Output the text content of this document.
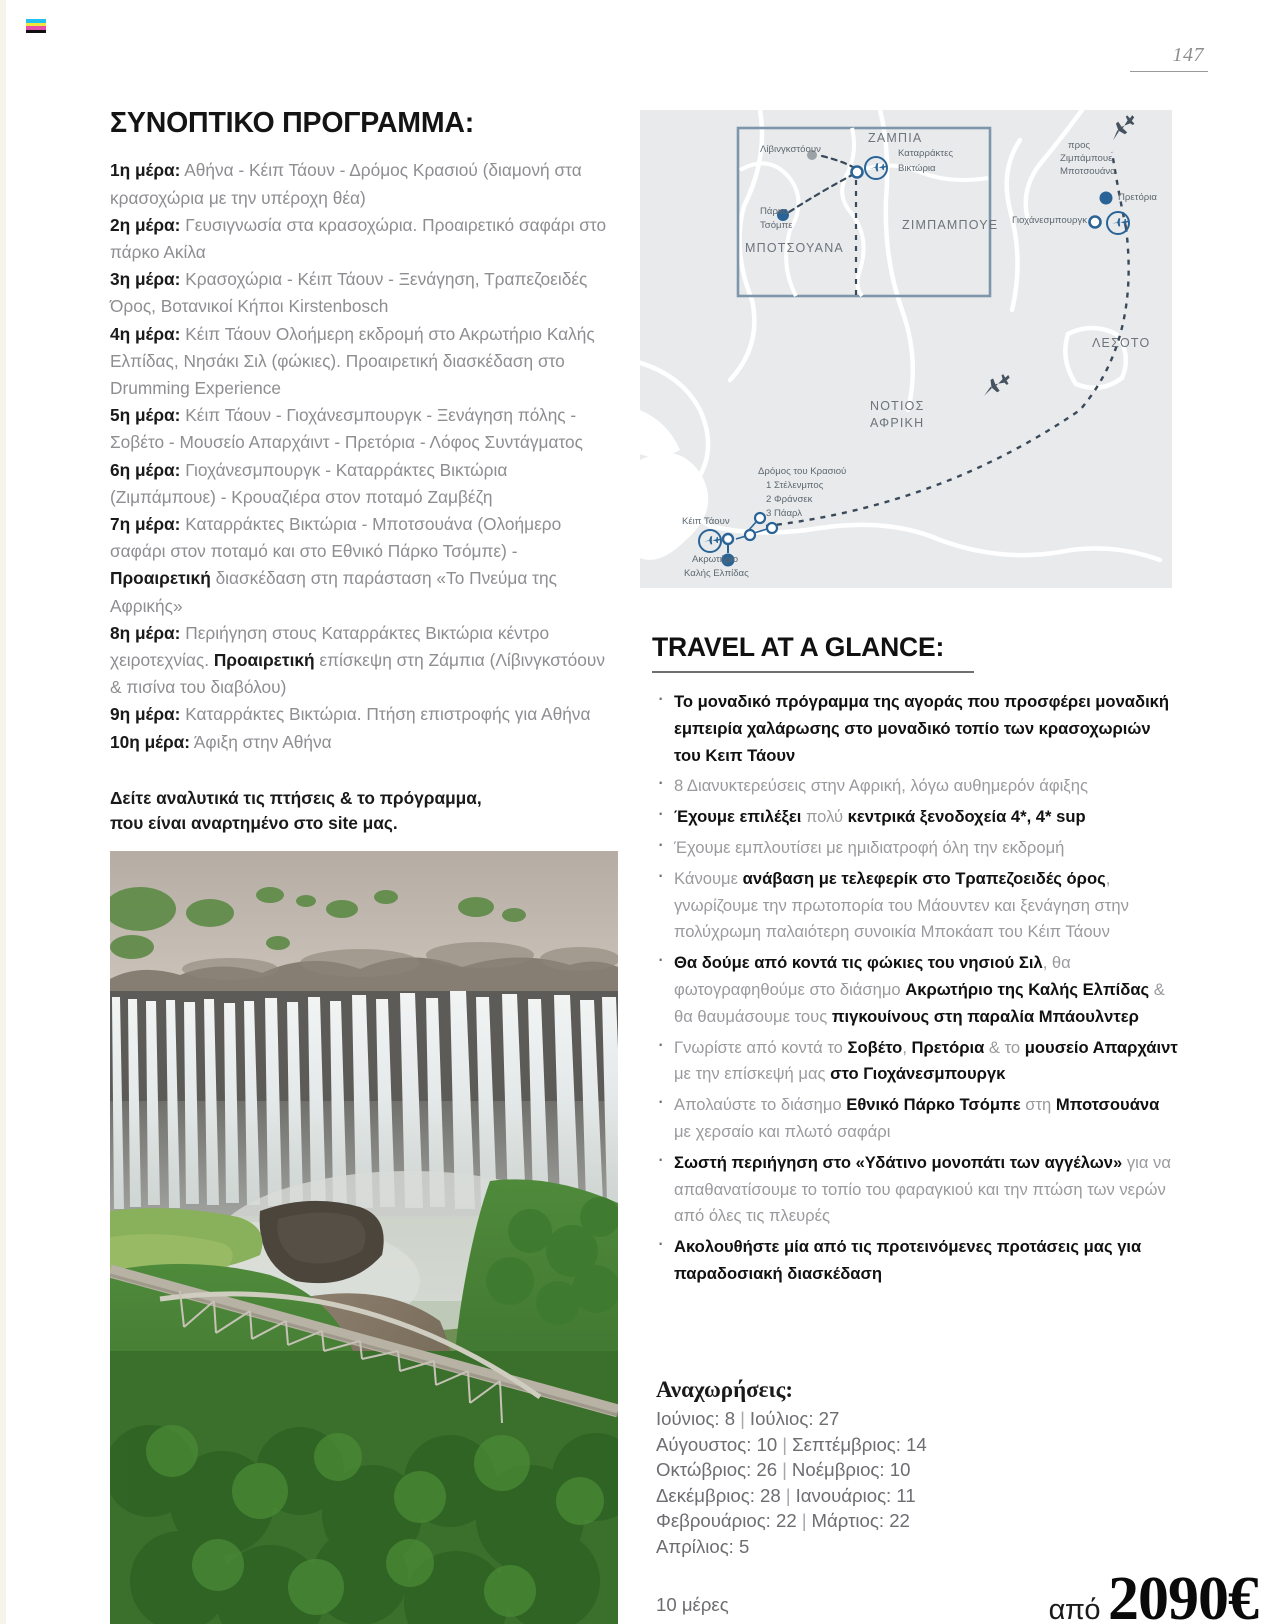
147
ΣΥΝΟΠΤΙΚΟ ΠΡΟΓΡΑΜΜΑ:

1η μέρα: Αθήνα - Κέιπ Τάουν - Δρόμος Κρασιού (διαμονή στα κρασοχώρια με την υπέροχη θέα)

2η μέρα: Γευσιγνωσία στα κρασοχώρια. Προαιρετικό σαφάρι στο πάρκο Ακίλα

3η μέρα: Κρασοχώρια - Κέιπ Τάουν - Ξενάγηση, Τραπεζοειδές Όρος, Βοτανικοί Κήποι Kirstenbosch

4η μέρα: Κέιπ Τάουν Ολοήμερη εκδρομή στο Ακρωτήριο Καλής Ελπίδας, Νησάκι Σιλ (φώκιες). Προαιρετική διασκέδαση στο Drumming Experience

5η μέρα: Κέιπ Τάουν - Γιοχάνεσμπουργκ - Ξενάγηση πόλης - Σοβέτο - Μουσείο Απαρχάιντ - Πρετόρια - Λόφος Συντάγματος

6η μέρα: Γιοχάνεσμπουργκ - Καταρράκτες Βικτώρια (Ζιμπάμπουε) - Κρουαζιέρα στον ποταμό Ζαμβέζη

7η μέρα: Καταρράκτες Βικτώρια - Μποτσουάνα (Ολοήμερο σαφάρι στον ποταμό και στο Εθνικό Πάρκο Τσόμπε) - Προαιρετική διασκέδαση στη παράσταση «Το Πνεύμα της Αφρικής»

8η μέρα: Περιήγηση στους Καταρράκτες Βικτώρια κέντρο χειροτεχνίας. Προαιρετική επίσκεψη στη Ζάμπια (Λίβινγκστόουν & πισίνα του διαβόλου)

9η μέρα: Καταρράκτες Βικτώρια. Πτήση επιστροφής για Αθήνα

10η μέρα: Άφιξη στην Αθήνα

Δείτε αναλυτικά τις πτήσεις & το πρόγραμμα,
που είναι αναρτημένο στο site μας.
ΖΑΜΠΙΑ
ΖΙΜΠΑΜΠΟΥΕ
ΜΠΟΤΣΟΥΑΝΑ
ΛΕΣΟΤΟ
ΝΟΤΙΟΣ
ΑΦΡΙΚΗ
Λίβινγκστόουν	Καταρράκτες
Βικτώρια
Πάρκο
Τσόμπε
Πρετόρια
Γιοχάνεσμπουργκ
προς
Ζιμπάμπουε
Μποτσουάνα
Κέιπ Τάουν
Ακρωτήριο
Καλής Ελπίδας
Δρόμος του Κρασιού
1 Στέλενμπος
2 Φράνσεκ
3 Πάαρλ
TRAVEL AT A GLANCE:
· Το μοναδικό πρόγραμμα της αγοράς που προσφέρει μοναδική εμπειρία χαλάρωσης στο μοναδικό τοπίο των κρασοχωριών του Κειπ Τάουν
· 8 Διανυκτερεύσεις στην Αφρική, λόγω αυθημερόν άφιξης
· Έχουμε επιλέξει πολύ κεντρικά ξενοδοχεία 4*, 4* sup
· Έχουμε εμπλουτίσει με ημιδιατροφή όλη την εκδρομή
· Κάνουμε ανάβαση με τελεφερίκ στο Τραπεζοειδές όρος, γνωρίζουμε την πρωτοπορία του Μάουντεν και ξενάγηση στην πολύχρωμη παλαιότερη συνοικία Μποκάαπ του Κέιπ Τάουν
· Θα δούμε από κοντά τις φώκιες του νησιού Σιλ, θα φωτογραφηθούμε στο διάσημο Ακρωτήριο της Καλής Ελπίδας & θα θαυμάσουμε τους πιγκουίνους στη παραλία Μπάουλντερ
· Γνωρίστε από κοντά το Σοβέτο, Πρετόρια & το μουσείο Απαρχάιντ με την επίσκεψή μας στο Γιοχάνεσμπουργκ
· Απολαύστε το διάσημο Εθνικό Πάρκο Τσόμπε στη Μποτσουάνα με χερσαίο και πλωτό σαφάρι
· Σωστή περιήγηση στο «Υδάτινο μονοπάτι των αγγέλων» για να απαθανατίσουμε το τοπίο του φαραγκιού και την πτώση των νερών από όλες τις πλευρές
· Ακολουθήστε μία από τις προτεινόμενες προτάσεις μας για παραδοσιακή διασκέδαση
Αναχωρήσεις:
Ιούνιος: 8 | Ιούλιος: 27
Αύγουστος: 10 | Σεπτέμβριος: 14
Οκτώβριος: 26 | Νοέμβριος: 10
Δεκέμβριος: 28 | Ιανουάριος: 11
Φεβρουάριος: 22 | Μάρτιος: 22
Απρίλιος: 5
10 μέρες	από 2090€
